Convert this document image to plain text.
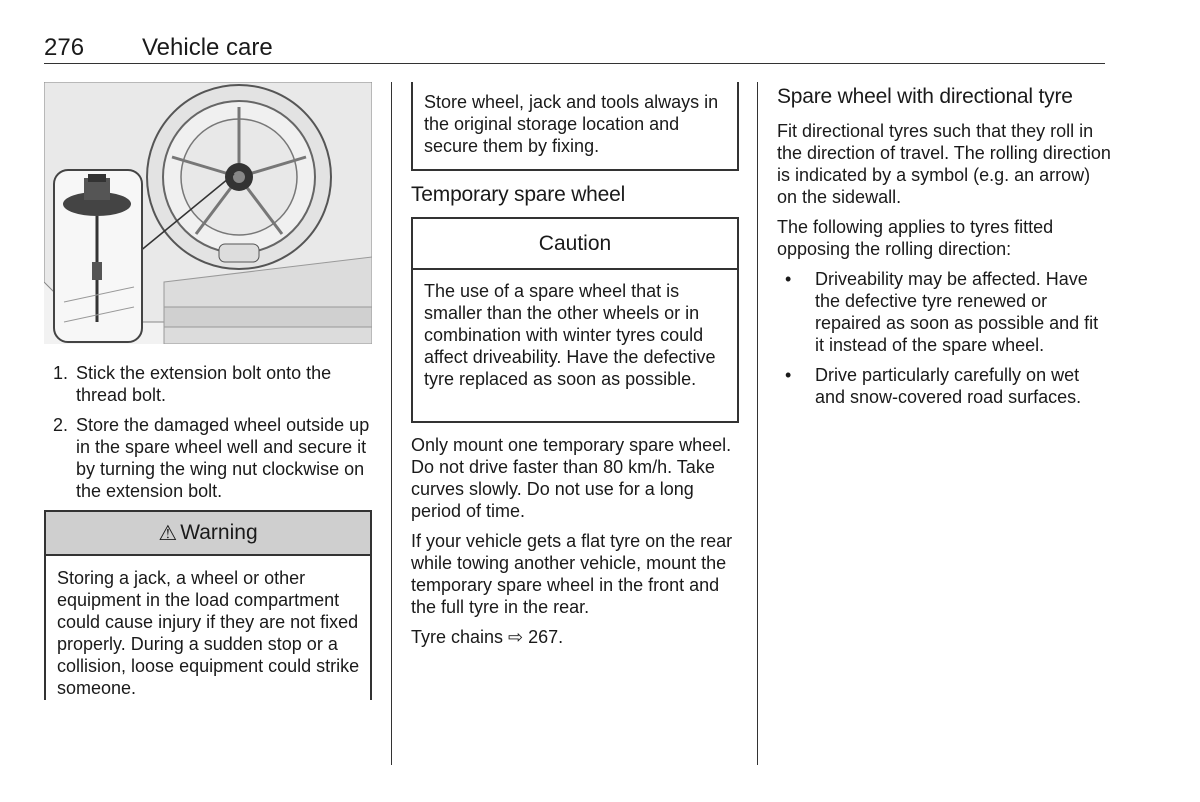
276 Vehicle care
1. Stick the extension bolt onto the thread bolt.
2. Store the damaged wheel outside up in the spare wheel well and secure it by turning the wing nut clockwise on the extension bolt.
⚠ Warning
Storing a jack, a wheel or other equipment in the load compartment could cause injury if they are not fixed properly. During a sudden stop or a collision, loose equipment could strike someone.
Store wheel, jack and tools always in the original storage location and secure them by fixing.
Temporary spare wheel
Caution
The use of a spare wheel that is smaller than the other wheels or in combination with winter tyres could affect driveability. Have the defective tyre replaced as soon as possible.

Only mount one temporary spare wheel. Do not drive faster than 80 km/h. Take curves slowly. Do not use for a long period of time.

If your vehicle gets a flat tyre on the rear while towing another vehicle, mount the temporary spare wheel in the front and the full tyre in the rear.

Tyre chains ⇨ 267.

Spare wheel with directional tyre

Fit directional tyres such that they roll in the direction of travel. The rolling direction is indicated by a symbol (e.g. an arrow) on the sidewall.

The following applies to tyres fitted opposing the rolling direction:

• Driveability may be affected. Have the defective tyre renewed or repaired as soon as possible and fit it instead of the spare wheel.
• Drive particularly carefully on wet and snow-covered road surfaces.
